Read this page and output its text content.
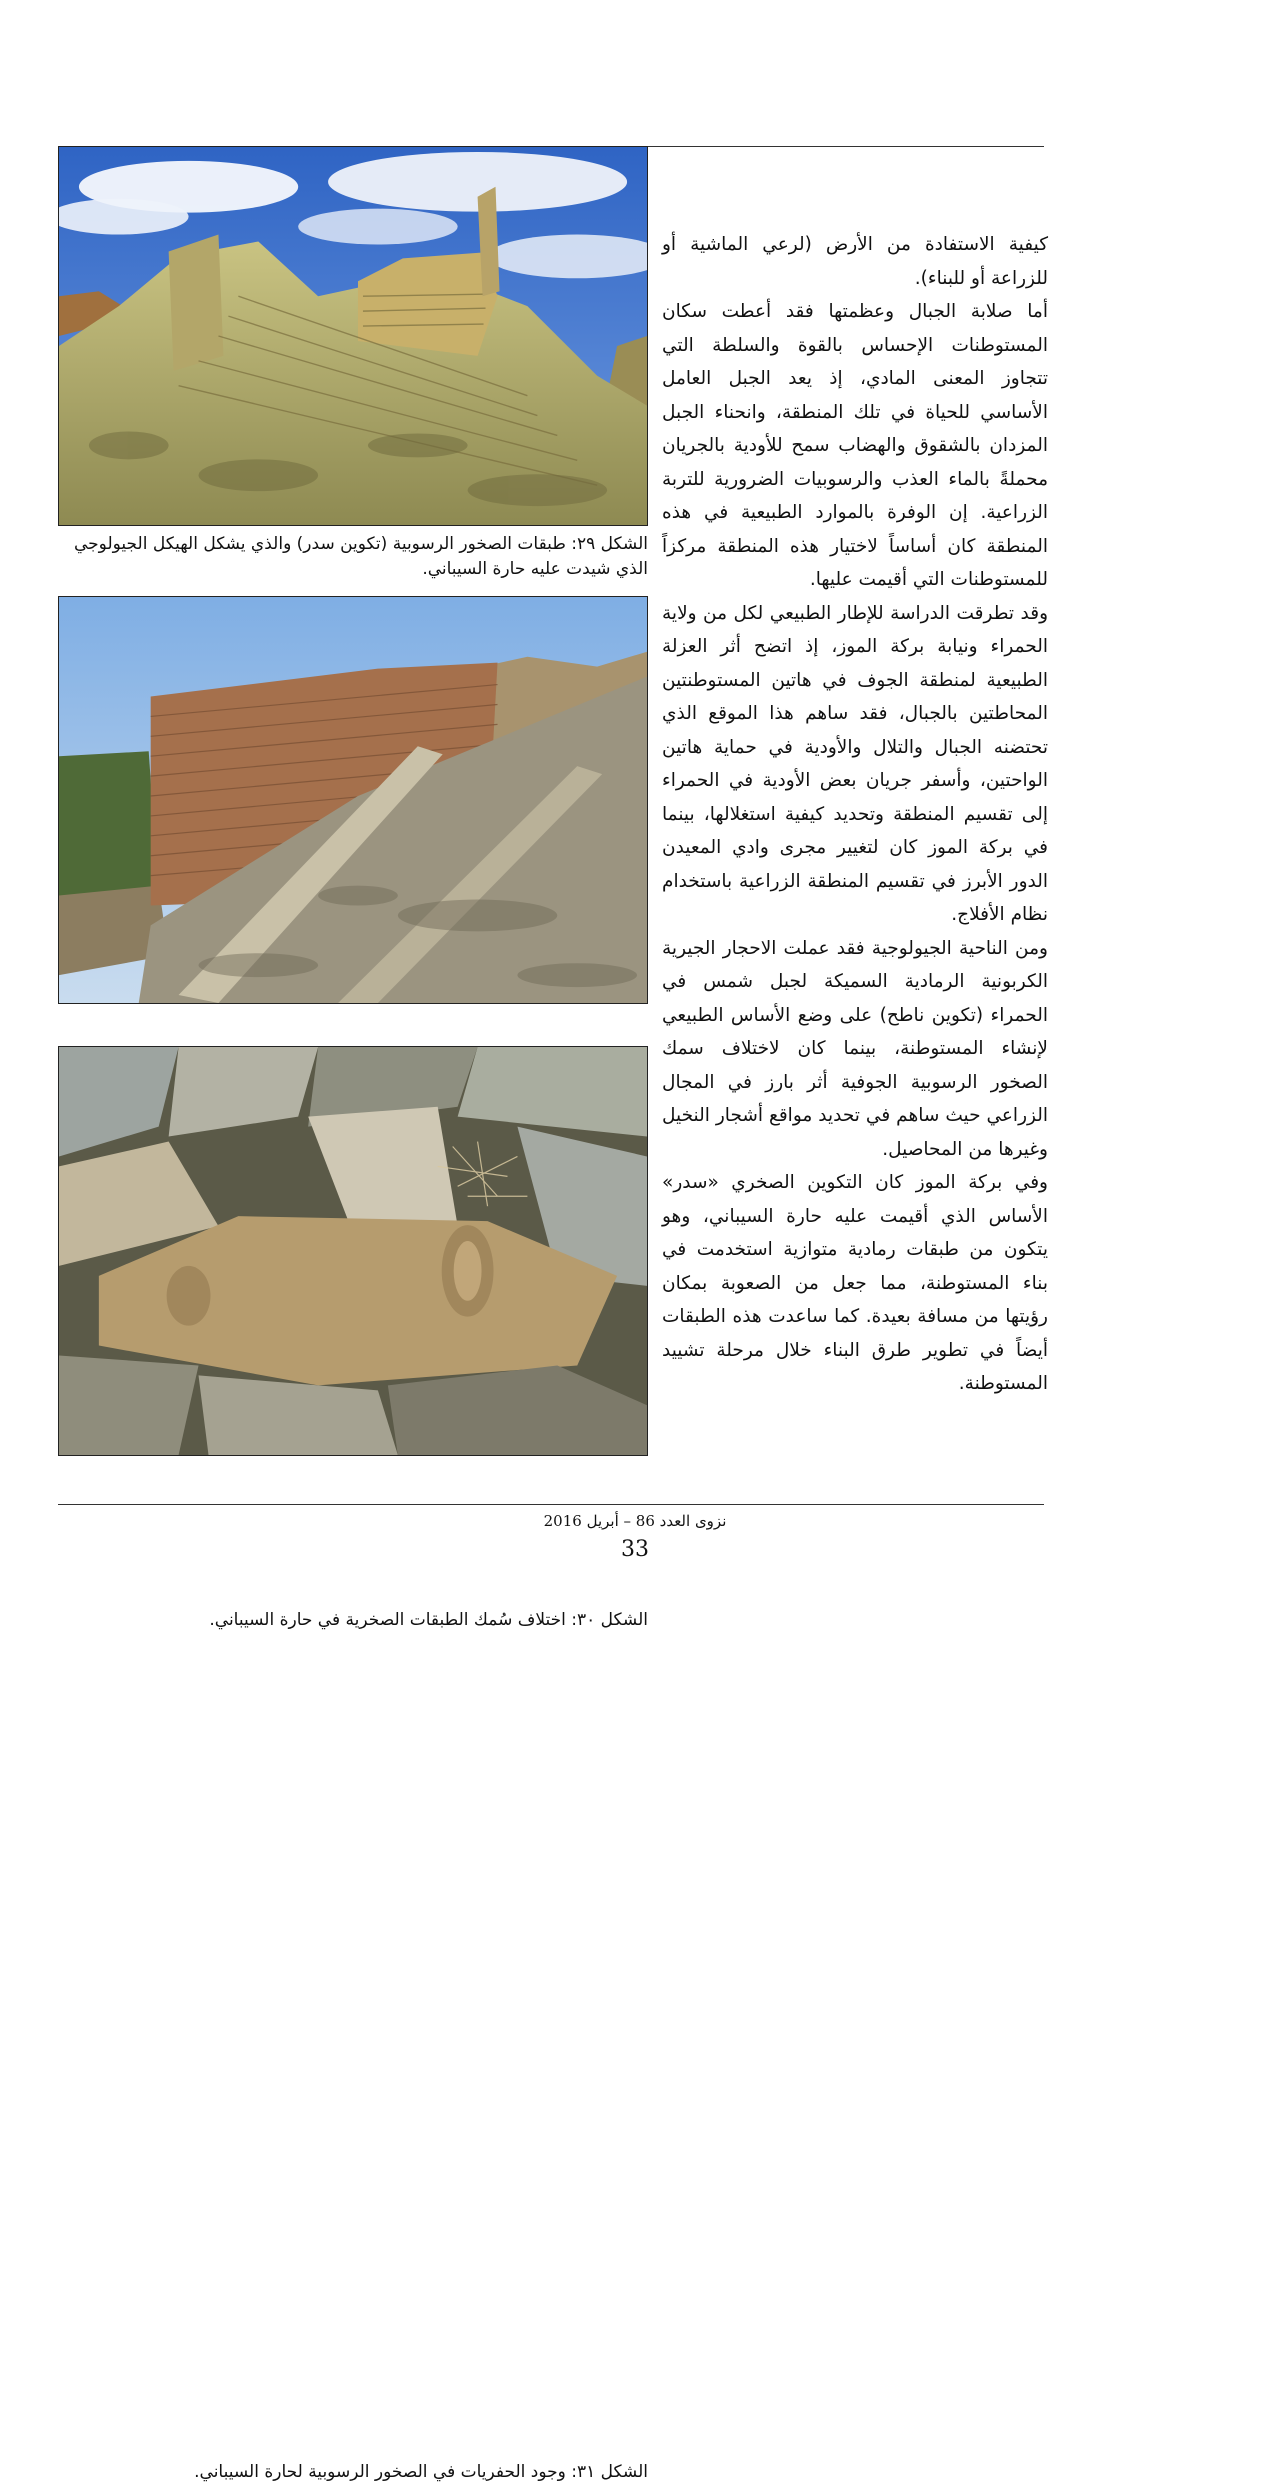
الشكل ٢٩: طبقات الصخور الرسوبية (تكوين سدر) والذي يشكل الهيكل الجيولوجي الذي شيدت عليه حارة السيباني.
الشكل ٣٠: اختلاف سُمك الطبقات الصخرية في حارة السيباني.
الشكل ٣١: وجود الحفريات في الصخور الرسوبية لحارة السيباني.

كيفية الاستفادة من الأرض (لرعي الماشية أو للزراعة أو للبناء).

أما صلابة الجبال وعظمتها فقد أعطت سكان المستوطنات الإحساس بالقوة والسلطة التي تتجاوز المعنى المادي، إذ يعد الجبل العامل الأساسي للحياة في تلك المنطقة، وانحناء الجبل المزدان بالشقوق والهضاب سمح للأودية بالجريان محملةً بالماء العذب والرسوبيات الضرورية للتربة الزراعية. إن الوفرة بالموارد الطبيعية في هذه المنطقة كان أساساً لاختيار هذه المنطقة مركزاً للمستوطنات التي أقيمت عليها.

وقد تطرقت الدراسة للإطار الطبيعي لكل من ولاية الحمراء ونيابة بركة الموز، إذ اتضح أثر العزلة الطبيعية لمنطقة الجوف في هاتين المستوطنتين المحاطتين بالجبال، فقد ساهم هذا الموقع الذي تحتضنه الجبال والتلال والأودية في حماية هاتين الواحتين، وأسفر جريان بعض الأودية في الحمراء إلى تقسيم المنطقة وتحديد كيفية استغلالها، بينما في بركة الموز كان لتغيير مجرى وادي المعيدن الدور الأبرز في تقسيم المنطقة الزراعية باستخدام نظام الأفلاج.

ومن الناحية الجيولوجية فقد عملت الاحجار الجيرية الكربونية الرمادية السميكة لجبل شمس في الحمراء (تكوين ناطح) على وضع الأساس الطبيعي لإنشاء المستوطنة، بينما كان لاختلاف سمك الصخور الرسوبية الجوفية أثر بارز في المجال الزراعي حيث ساهم في تحديد مواقع أشجار النخيل وغيرها من المحاصيل.

وفي بركة الموز كان التكوين الصخري «سدر» الأساس الذي أقيمت عليه حارة السيباني، وهو يتكون من طبقات رمادية متوازية استخدمت في بناء المستوطنة، مما جعل من الصعوبة بمكان رؤيتها من مسافة بعيدة. كما ساعدت هذه الطبقات أيضاً في تطوير طرق البناء خلال مرحلة تشييد المستوطنة.

نزوى العدد 86 – أبريل 2016
33
